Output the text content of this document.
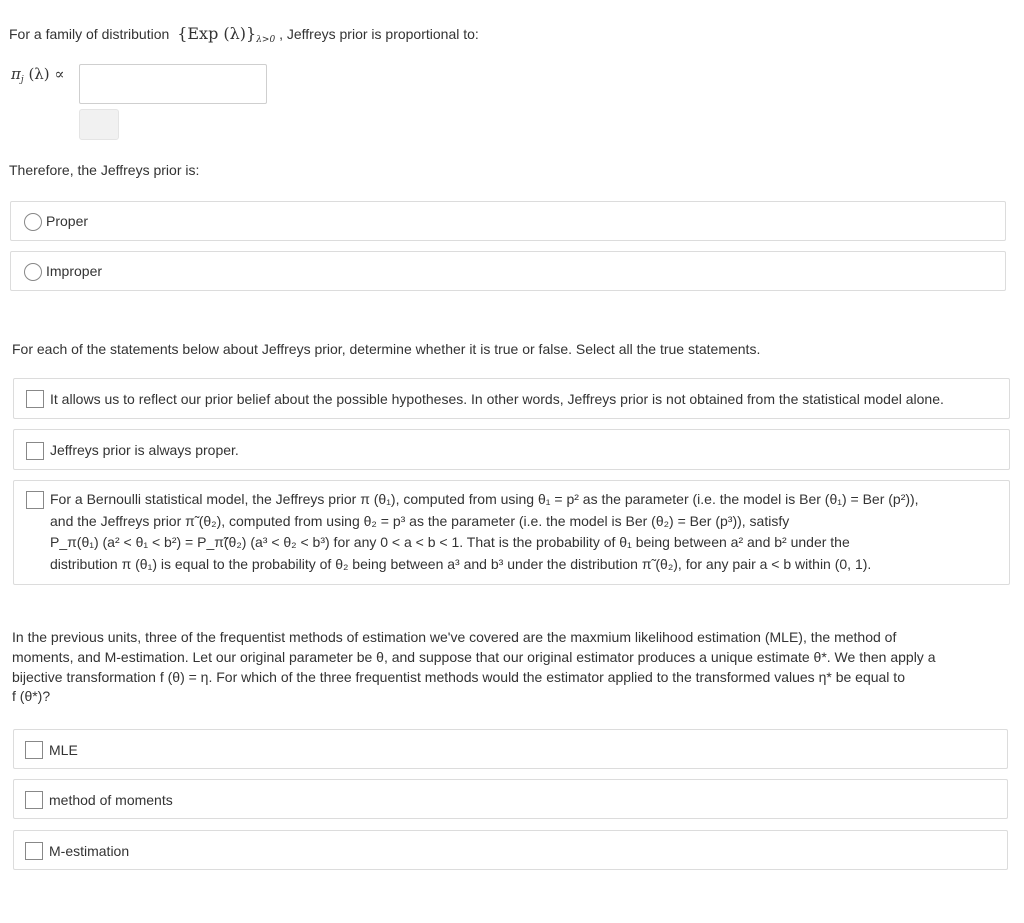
For a family of distribution {Exp $(\lambda)\}_{\lambda>0}$ , Jeffreys prior is proportional to:
$\pi_j$ (λ) ∝
Therefore, the Jeffreys prior is:
Proper
Improper
For each of the statements below about Jeffreys prior, determine whether it is true or false. Select all the true statements.
It allows us to reflect our prior belief about the possible hypotheses. In other words, Jeffreys prior is not obtained from the statistical model alone.
Jeffreys prior is always proper.
For a Bernoulli statistical model, the Jeffreys prior π (θ₁), computed from using θ₁ = p² as the parameter (i.e. the model is Ber (θ₁) = Ber (p²)),
and the Jeffreys prior π̃ (θ₂), computed from using θ₂ = p³ as the parameter (i.e. the model is Ber (θ₂) = Ber (p³)), satisfy
P_π(θ₁) (a² < θ₁ < b²) = P_π̃(θ₂) (a³ < θ₂ < b³) for any 0 < a < b < 1. That is the probability of θ₁ being between a² and b² under the
distribution π (θ₁) is equal to the probability of θ₂ being between a³ and b³ under the distribution π̃ (θ₂), for any pair a < b within (0, 1).
In the previous units, three of the frequentist methods of estimation we've covered are the maxmium likelihood estimation (MLE), the method of
moments, and M-estimation. Let our original parameter be θ, and suppose that our original estimator produces a unique estimate θ*. We then apply a
bijective transformation f (θ) = η. For which of the three frequentist methods would the estimator applied to the transformed values η* be equal to
f (θ*)?
MLE
method of moments
M-estimation
